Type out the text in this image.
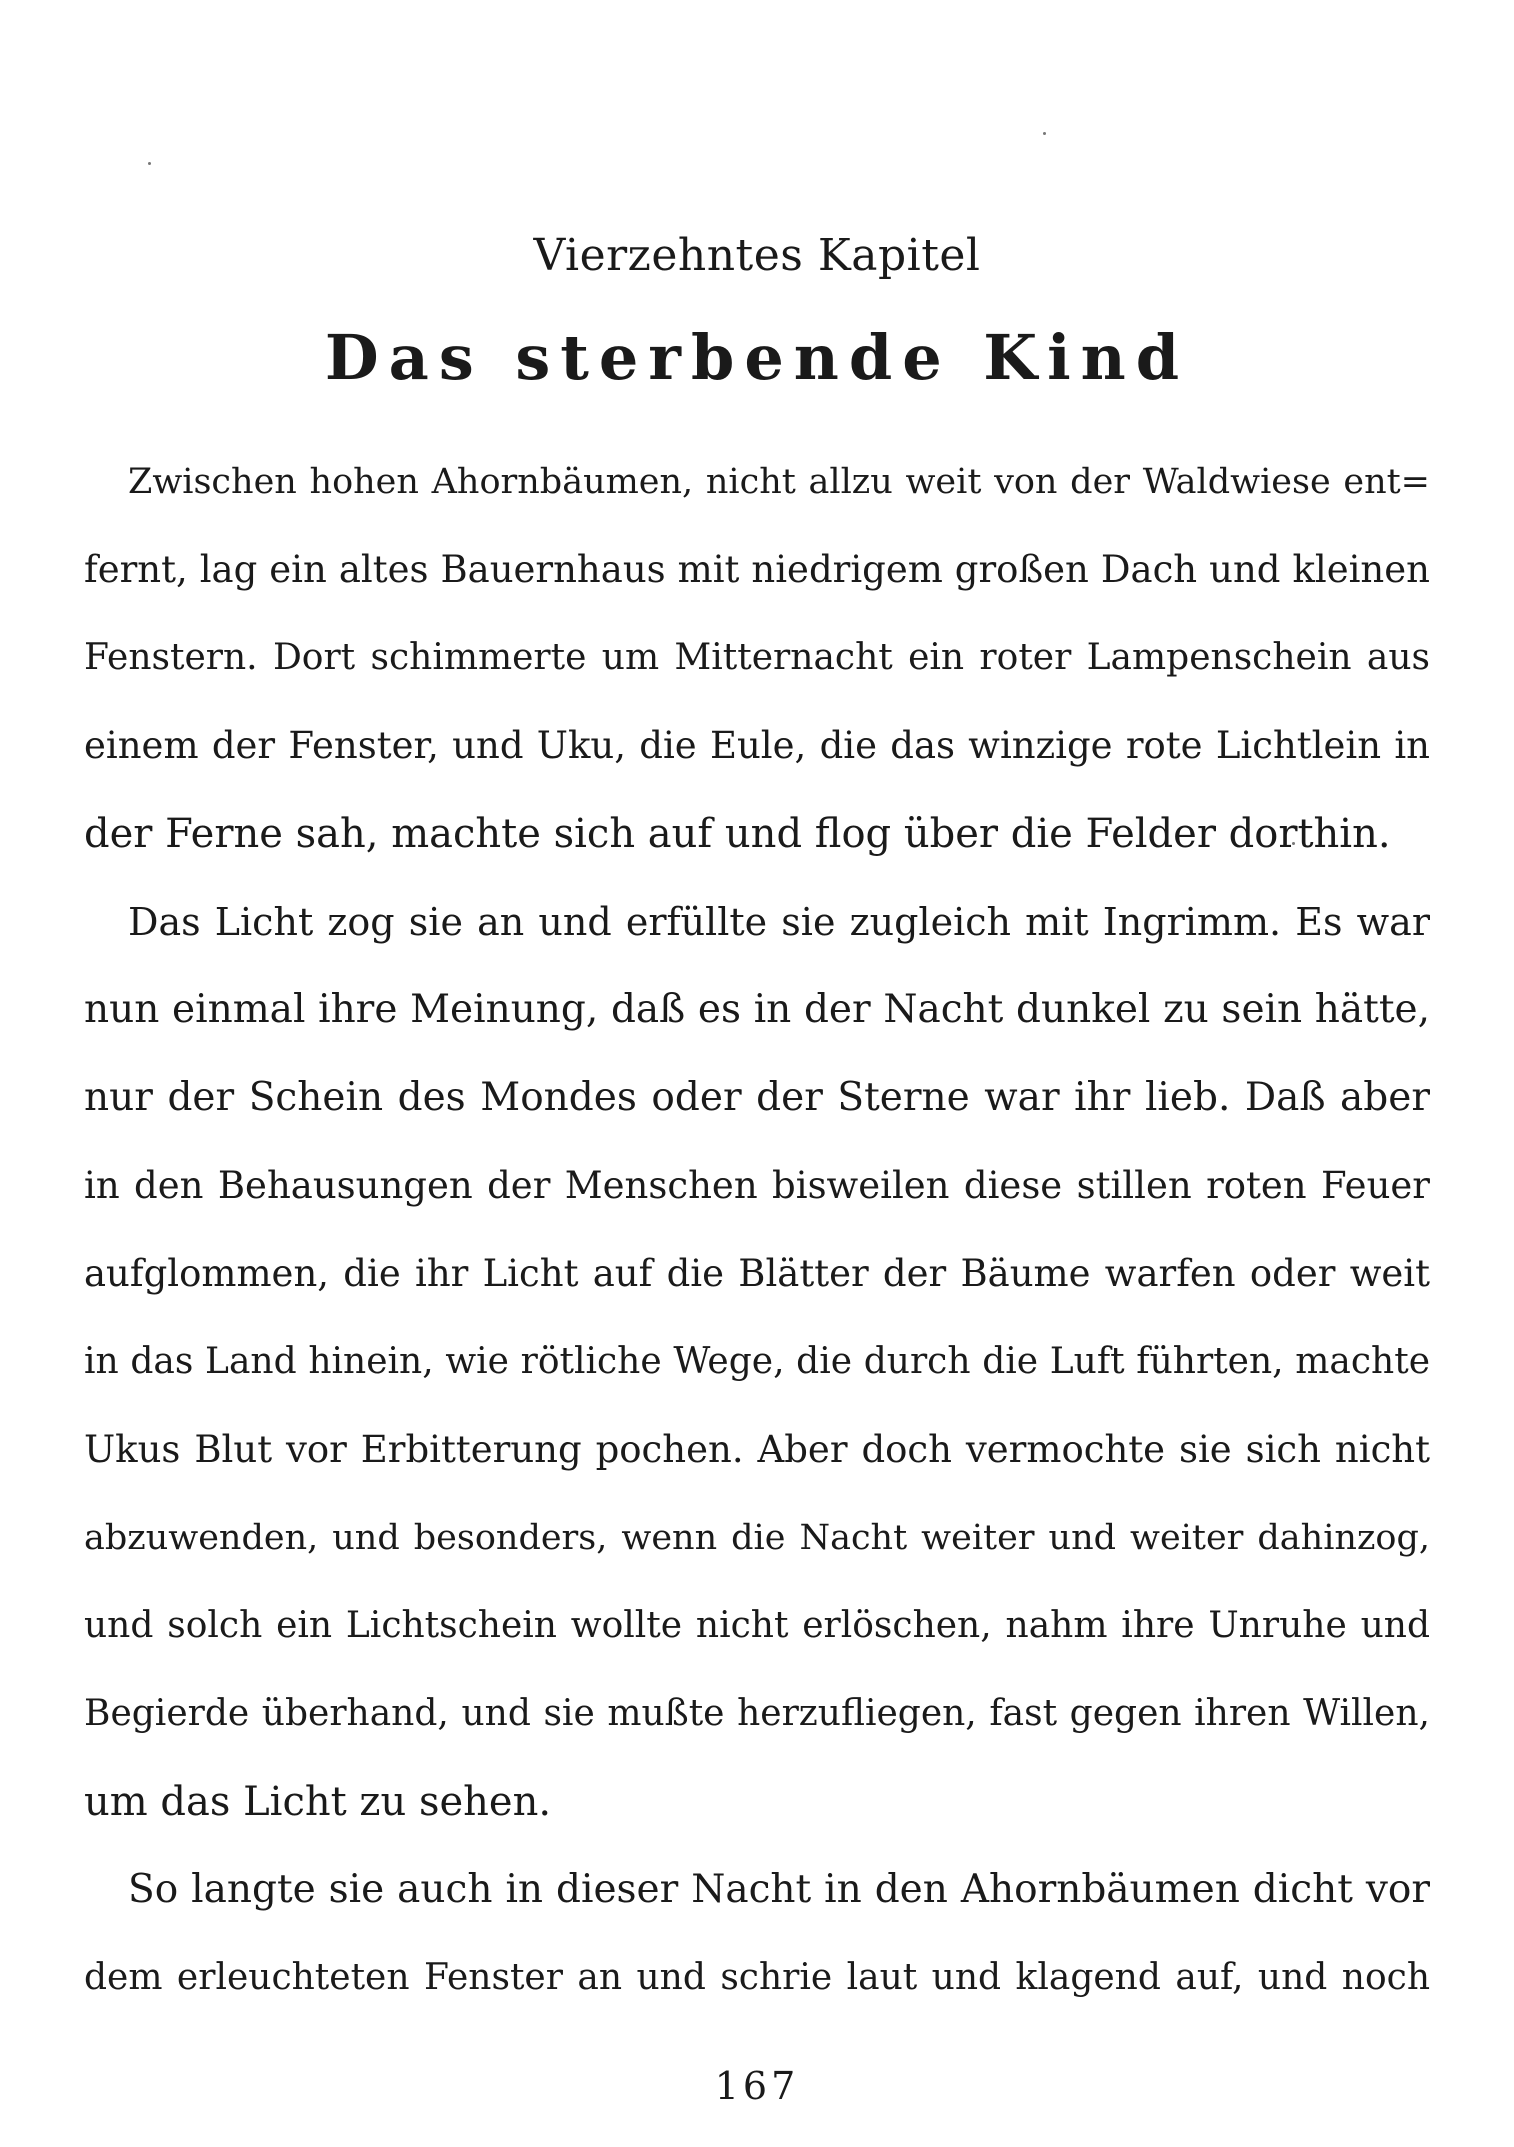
Vierzehntes Kapitel
Das sterbende Kind
Zwischen hohen Ahornbäumen, nicht allzu weit von der Waldwiese ent=
fernt, lag ein altes Bauernhaus mit niedrigem großen Dach und kleinen
Fenstern. Dort schimmerte um Mitternacht ein roter Lampenschein aus
einem der Fenster, und Uku, die Eule, die das winzige rote Lichtlein in
der Ferne sah, machte sich auf und flog über die Felder dorthin.
Das Licht zog sie an und erfüllte sie zugleich mit Ingrimm. Es war
nun einmal ihre Meinung, daß es in der Nacht dunkel zu sein hätte,
nur der Schein des Mondes oder der Sterne war ihr lieb. Daß aber
in den Behausungen der Menschen bisweilen diese stillen roten Feuer
aufglommen, die ihr Licht auf die Blätter der Bäume warfen oder weit
in das Land hinein, wie rötliche Wege, die durch die Luft führten, machte
Ukus Blut vor Erbitterung pochen. Aber doch vermochte sie sich nicht
abzuwenden, und besonders, wenn die Nacht weiter und weiter dahinzog,
und solch ein Lichtschein wollte nicht erlöschen, nahm ihre Unruhe und
Begierde überhand, und sie mußte herzufliegen, fast gegen ihren Willen,
um das Licht zu sehen.
So langte sie auch in dieser Nacht in den Ahornbäumen dicht vor
dem erleuchteten Fenster an und schrie laut und klagend auf, und noch
167
